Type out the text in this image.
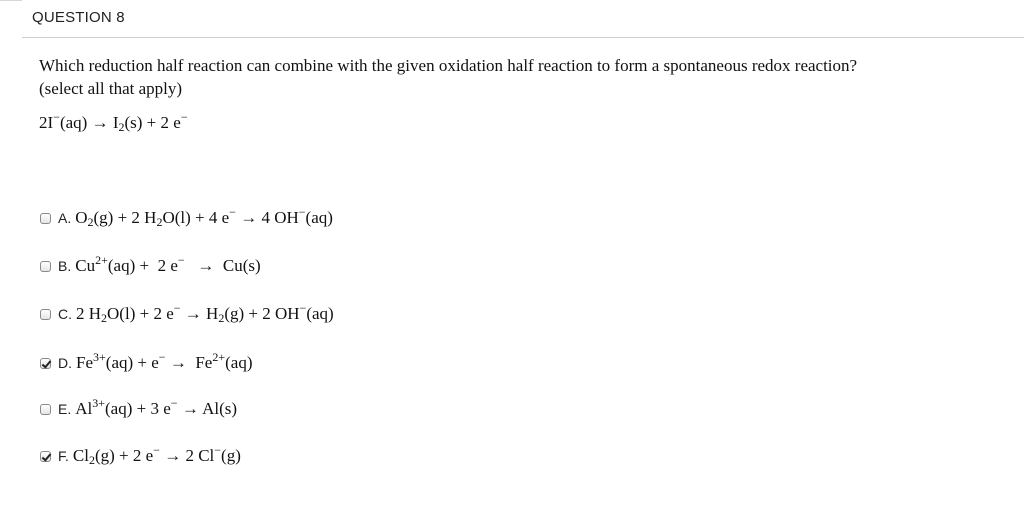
QUESTION 8
Which reduction half reaction can combine with the given oxidation half reaction to form a spontaneous redox reaction?
(select all that apply)
$2I^-(aq) \to I_2(s) + 2$ e−
A. $O_2(g) + 2$ $H_2O(l) + 4$ e− → 4 OH−(aq)
B. $Cu^{2+}(aq) + 2$ e−   →  Cu(s)
C. 2 $H_2O(l) + 2$ $e^- \to H_2(g) + 2$ OH−(aq)
D. $Fe^{3+}(aq) + e^- \to Fe^{2+}(aq)$
E. $Al^{3+}(aq) + 3$ e− → Al(s)
F. $Cl_2(g) + 2$ e− → 2 Cl−(g)
